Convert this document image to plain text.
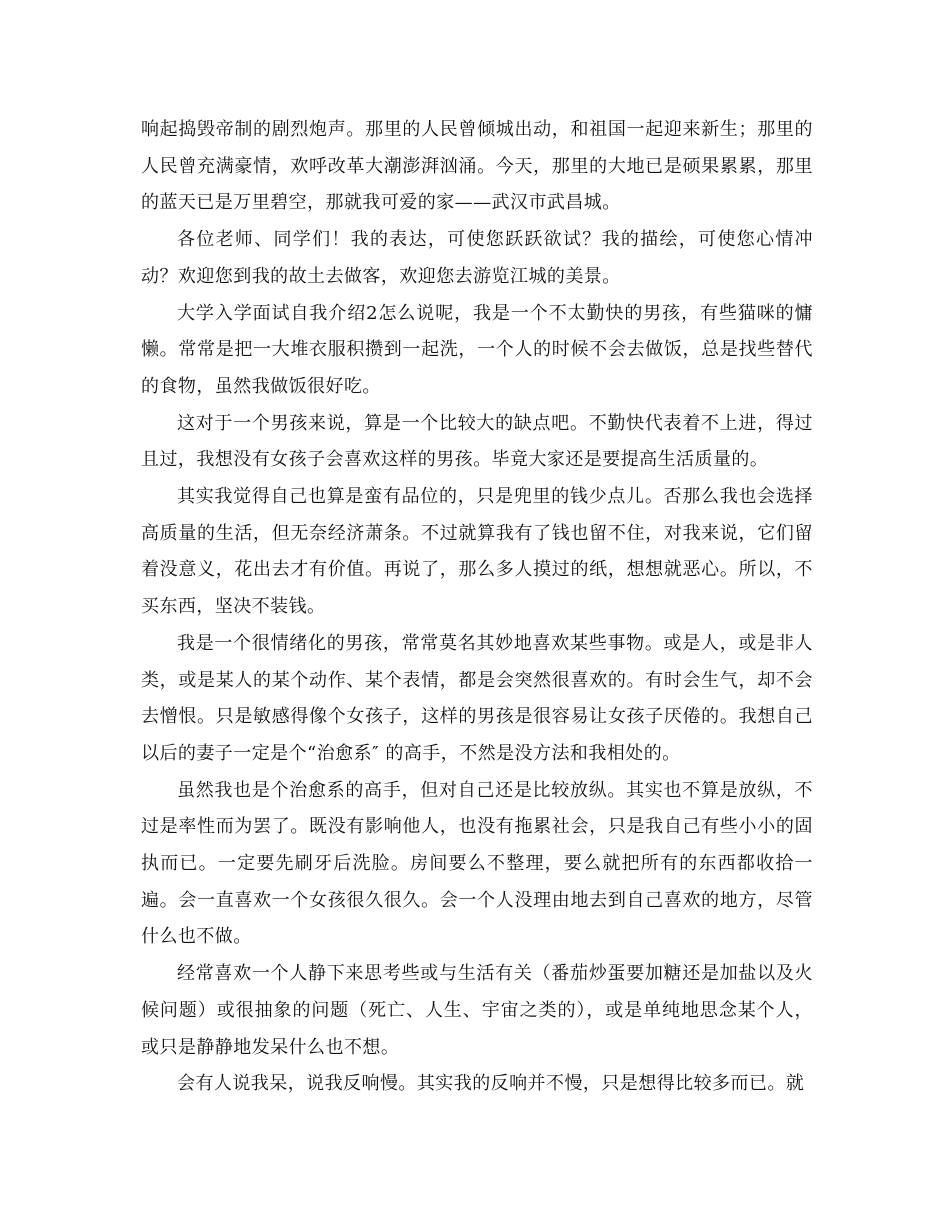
响起捣毁帝制的剧烈炮声。那里的人民曾倾城出动，和祖国一起迎来新生；那里的人民曾充满豪情，欢呼改革大潮澎湃汹涌。今天，那里的大地已是硕果累累，那里的蓝天已是万里碧空，那就我可爱的家——武汉市武昌城。

各位老师、同学们！我的表达，可使您跃跃欲试？我的描绘，可使您心情冲动？欢迎您到我的故土去做客，欢迎您去游览江城的美景。

大学入学面试自我介绍2怎么说呢，我是一个不太勤快的男孩，有些猫咪的慵懒。常常是把一大堆衣服积攒到一起洗，一个人的时候不会去做饭，总是找些替代的食物，虽然我做饭很好吃。

这对于一个男孩来说，算是一个比较大的缺点吧。不勤快代表着不上进，得过且过，我想没有女孩子会喜欢这样的男孩。毕竟大家还是要提高生活质量的。

其实我觉得自己也算是蛮有品位的，只是兜里的钱少点儿。否那么我也会选择高质量的生活，但无奈经济萧条。不过就算我有了钱也留不住，对我来说，它们留着没意义，花出去才有价值。再说了，那么多人摸过的纸，想想就恶心。所以，不买东西，坚决不装钱。

我是一个很情绪化的男孩，常常莫名其妙地喜欢某些事物。或是人，或是非人类，或是某人的某个动作、某个表情，都是会突然很喜欢的。有时会生气，却不会去憎恨。只是敏感得像个女孩子，这样的男孩是很容易让女孩子厌倦的。我想自己以后的妻子一定是个“治愈系″ 的高手，不然是没方法和我相处的。

虽然我也是个治愈系的高手，但对自己还是比较放纵。其实也不算是放纵，不过是率性而为罢了。既没有影响他人，也没有拖累社会，只是我自己有些小小的固执而已。一定要先刷牙后洗脸。房间要么不整理，要么就把所有的东西都收拾一遍。会一直喜欢一个女孩很久很久。会一个人没理由地去到自己喜欢的地方，尽管什么也不做。

经常喜欢一个人静下来思考些或与生活有关（番茄炒蛋要加糖还是加盐以及火候问题）或很抽象的问题（死亡、人生、宇宙之类的），或是单纯地思念某个人，或只是静静地发呆什么也不想。

会有人说我呆，说我反响慢。其实我的反响并不慢，只是想得比较多而已。就
